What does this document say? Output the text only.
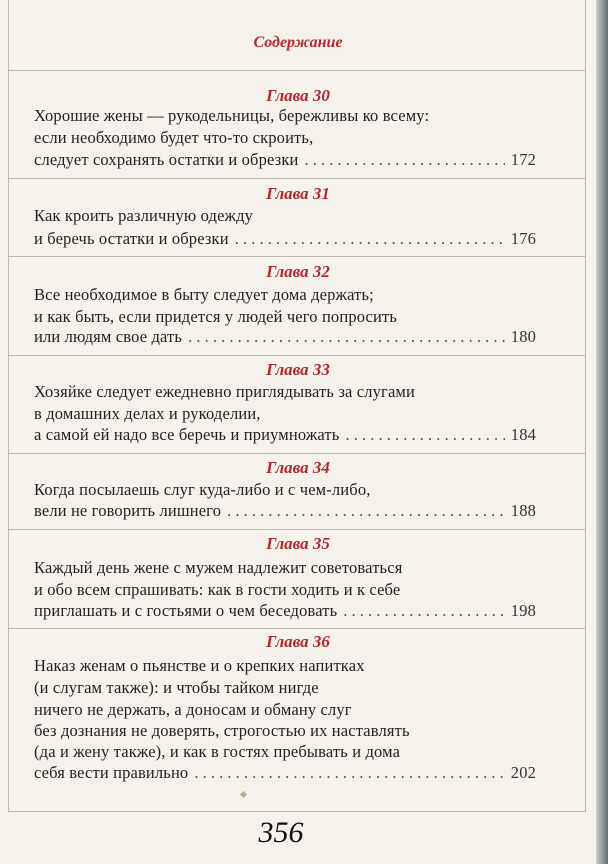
Содержание
Глава 30
Хорошие жены — рукодельницы, бережливы ко всему:
если необходимо будет что-то скроить,
следует сохранять остатки и обрезки . . .	172
Глава 31
Как кроить различную одежду
и беречь остатки и обрезки . . .	176
Глава 32
Все необходимое в быту следует дома держать;
и как быть, если придется у людей чего попросить
или людям свое дать . . .	180
Глава 33
Хозяйке следует ежедневно приглядывать за слугами
в домашних делах и рукоделии,
а самой ей надо все беречь и приумножать . . .	184
Глава 34
Когда посылаешь слуг куда-либо и с чем-либо,
вели не говорить лишнего . . .	188
Глава 35
Каждый день жене с мужем надлежит советоваться
и обо всем спрашивать: как в гости ходить и к себе
приглашать и с гостьями о чем беседовать . . .	198
Глава 36
Наказ женам о пьянстве и о крепких напитках
(и слугам также): и чтобы тайком нигде
ничего не держать, а доносам и обману слуг
без дознания не доверять, строгостью их наставлять
(да и жену также), и как в гостях пребывать и дома
себя вести правильно . . .	202
356
